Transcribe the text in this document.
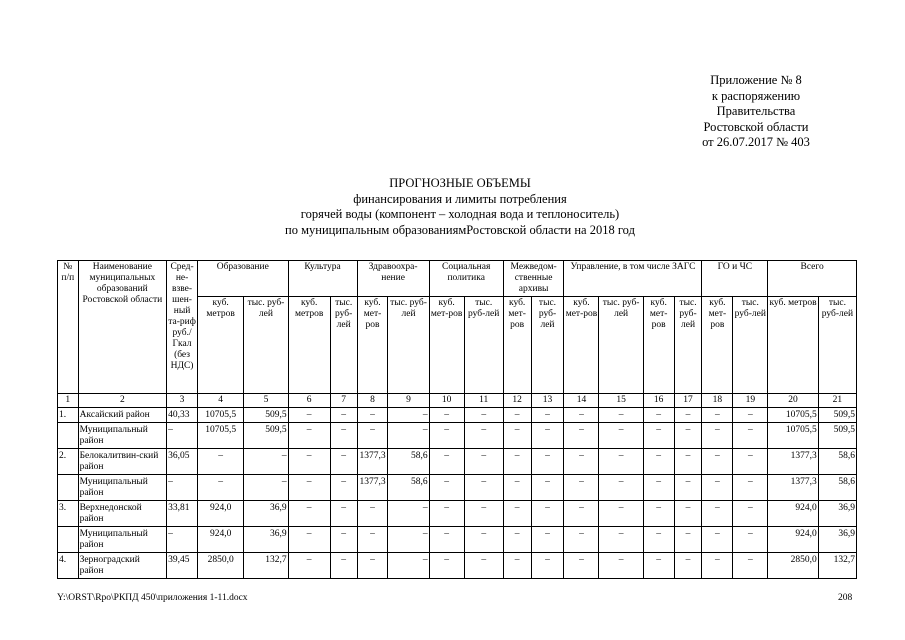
Приложение № 8
к распоряжению
Правительства
Ростовской области
от 26.07.2017 № 403
ПРОГНОЗНЫЕ ОБЪЕМЫ
финансирования и лимиты потребления
горячей воды (компонент – холодная вода и теплоноситель)
по муниципальным образованиямРостовской области на 2018 год
№ п/п	Наименование муниципальных образований Ростовской области	Сред-не-взве-шен-ный та-риф руб./ Гкал (без НДС)	Образование		Культура		Здравоохра-нение		Социальная политика		Межведом-ственные архивы		Управление, в том числе ЗАГС				ГО и ЧС		Всего	
			куб. метров	тыс. руб-лей	куб. метров	тыс. руб-лей	куб. мет-ров	тыс. руб-лей	куб. мет-ров	тыс. руб-лей	куб. мет-ров	тыс. руб-лей	куб. мет-ров	тыс. руб-лей	куб. мет-ров	тыс. руб-лей	куб. мет-ров	тыс. руб-лей	куб. метров	тыс. руб-лей
1	2	3	4	5	6	7	8	9	10	11	12	13	14	15	16	17	18	19	20	21
1.	Аксайский район	40,33	10705,5	509,5	–	–	–	–	–	–	–	–	–	–	–	–	–	–	10705,5	509,5
	Муниципальный район	–	10705,5	509,5	–	–	–	–	–	–	–	–	–	–	–	–	–	–	10705,5	509,5
2.	Белокалитвин-ский район	36,05	–	–	–	–	1377,3	58,6	–	–	–	–	–	–	–	–	–	–	1377,3	58,6
	Муниципальный район	–	–	–	–	–	1377,3	58,6	–	–	–	–	–	–	–	–	–	–	1377,3	58,6
3.	Верхнедонской район	33,81	924,0	36,9	–	–	–	–	–	–	–	–	–	–	–	–	–	–	924,0	36,9
	Муниципальный район	–	924,0	36,9	–	–	–	–	–	–	–	–	–	–	–	–	–	–	924,0	36,9
4.	Зерноградский район	39,45	2850,0	132,7	–	–	–	–	–	–	–	–	–	–	–	–	–	–	2850,0	132,7
Y:\ORST\Rpo\РКПД 450\приложения 1-11.docx	208
